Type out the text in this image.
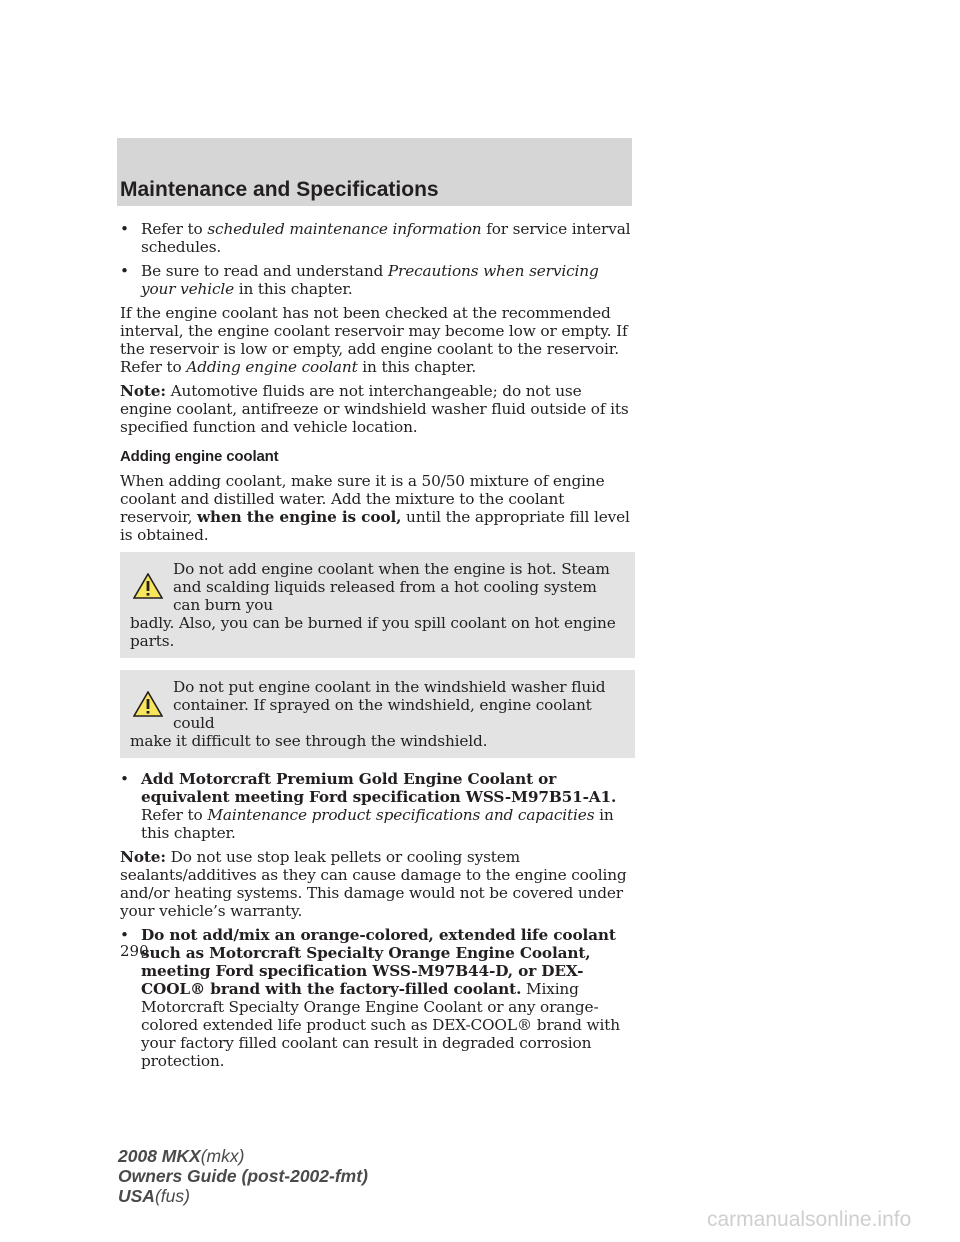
Maintenance and Specifications
• Refer to scheduled maintenance information for service interval schedules.
• Be sure to read and understand Precautions when servicing your vehicle in this chapter.

If the engine coolant has not been checked at the recommended interval, the engine coolant reservoir may become low or empty. If the reservoir is low or empty, add engine coolant to the reservoir. Refer to Adding engine coolant in this chapter.

Note: Automotive fluids are not interchangeable; do not use engine coolant, antifreeze or windshield washer fluid outside of its specified function and vehicle location.

Adding engine coolant

When adding coolant, make sure it is a 50/50 mixture of engine coolant and distilled water. Add the mixture to the coolant reservoir, when the engine is cool, until the appropriate fill level is obtained.

Do not add engine coolant when the engine is hot. Steam and scalding liquids released from a hot cooling system can burn you
badly. Also, you can be burned if you spill coolant on hot engine parts.
Do not put engine coolant in the windshield washer fluid container. If sprayed on the windshield, engine coolant could
make it difficult to see through the windshield.
• Add Motorcraft Premium Gold Engine Coolant or equivalent meeting Ford specification WSS-M97B51-A1. Refer to Maintenance product specifications and capacities in this chapter.

Note: Do not use stop leak pellets or cooling system sealants/additives as they can cause damage to the engine cooling and/or heating systems. This damage would not be covered under your vehicle’s warranty.

• Do not add/mix an orange-colored, extended life coolant such as Motorcraft Specialty Orange Engine Coolant, meeting Ford specification WSS-M97B44-D, or DEX-COOL® brand with the factory-filled coolant. Mixing Motorcraft Specialty Orange Engine Coolant or any orange-colored extended life product such as DEX-COOL® brand with your factory filled coolant can result in degraded corrosion protection.
290
2008 MKX(mkx)
Owners Guide (post-2002-fmt)
USA(fus)
carmanualsonline.info
